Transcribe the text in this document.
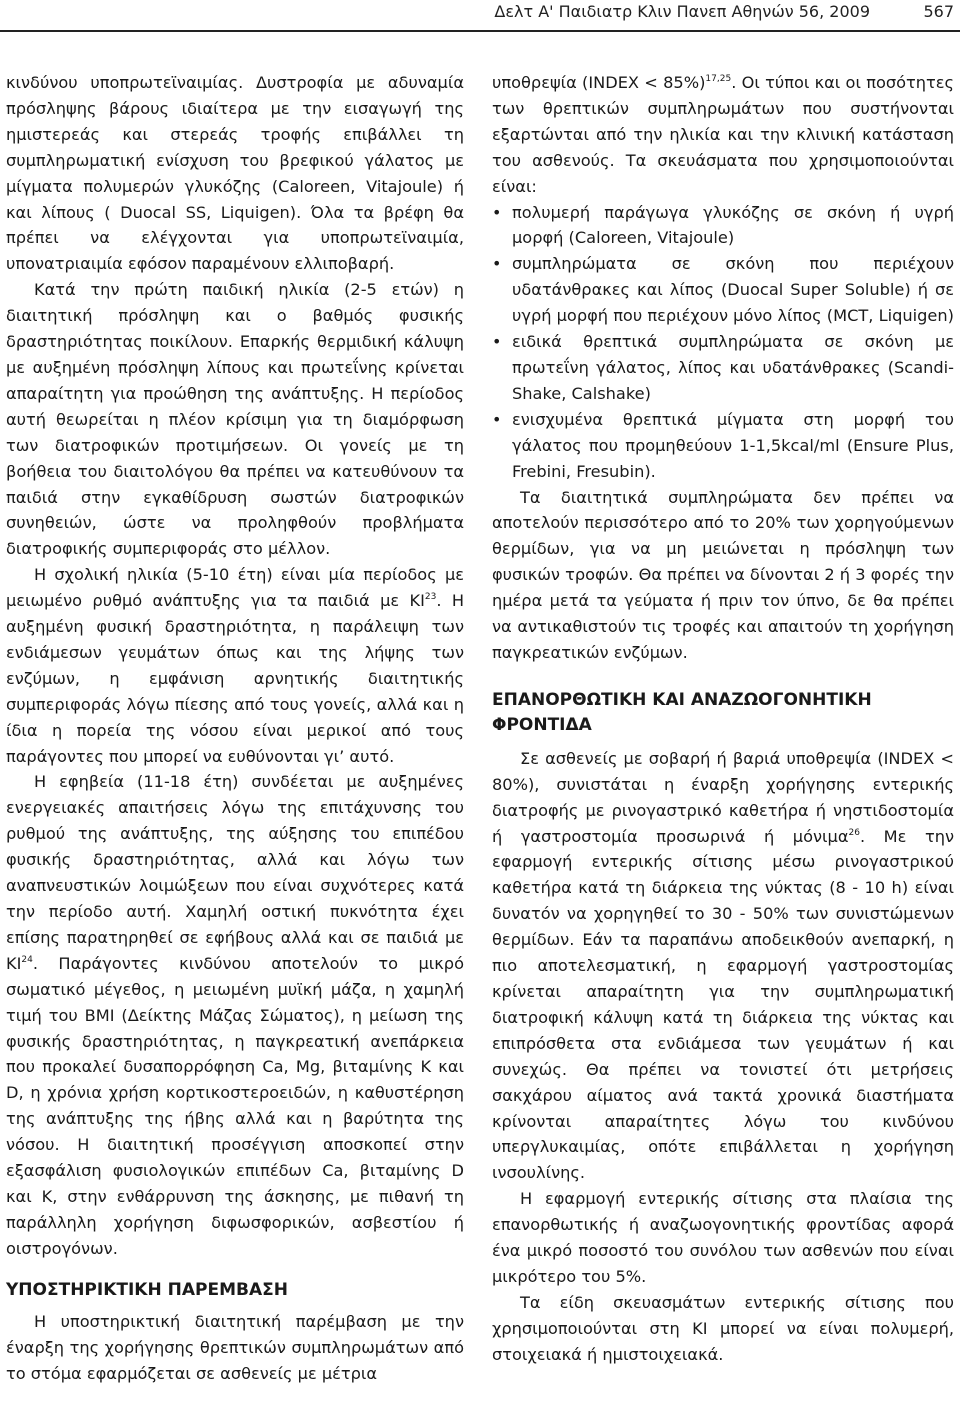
Δελτ Α' Παιδιατρ Κλιν Πανεπ Αθηνών 56, 2009	567

κινδύνου υποπρωτεϊναιμίας. Δυστροφία με αδυναμία πρόσληψης βάρους ιδιαίτερα με την εισαγωγή της ημιστερεάς και στερεάς τροφής επιβάλλει τη συμπληρωματική ενίσχυση του βρεφικού γάλατος με μίγματα πολυμερών γλυκόζης (Caloreen, Vitajoule) ή και λίπους ( Duocal SS, Liquigen). Όλα τα βρέφη θα πρέπει να ελέγχονται για υποπρωτεϊναιμία, υπονατριαιμία εφόσον παραμένουν ελλιποβαρή.

Κατά την πρώτη παιδική ηλικία (2-5 ετών) η διαιτητική πρόσληψη και ο βαθμός φυσικής δραστηριότητας ποικίλουν. Επαρκής θερμιδική κάλυψη με αυξημένη πρόσληψη λίπους και πρωτεΐνης κρίνεται απαραίτητη για προώθηση της ανάπτυξης. Η περίοδος αυτή θεωρείται η πλέον κρίσιμη για τη διαμόρφωση των διατροφικών προτιμήσεων. Οι γονείς με τη βοήθεια του διαιτολόγου θα πρέπει να κατευθύνουν τα παιδιά στην εγκαθίδρυση σωστών διατροφικών συνηθειών, ώστε να προληφθούν προβλήματα διατροφικής συμπεριφοράς στο μέλλον.

Η σχολική ηλικία (5-10 έτη) είναι μία περίοδος με μειωμένο ρυθμό ανάπτυξης για τα παιδιά με ΚΙ$^{23}$. Η αυξημένη φυσική δραστηριότητα, η παράλειψη των ενδιάμεσων γευμάτων όπως και της λήψης των ενζύμων, η εμφάνιση αρνητικής διαιτητικής συμπεριφοράς λόγω πίεσης από τους γονείς, αλλά και η ίδια η πορεία της νόσου είναι μερικοί από τους παράγοντες που μπορεί να ευθύνονται γι’ αυτό.

Η εφηβεία (11-18 έτη) συνδέεται με αυξημένες ενεργειακές απαιτήσεις λόγω της επιτάχυνσης του ρυθμού της ανάπτυξης, της αύξησης του επιπέδου φυσικής δραστηριότητας, αλλά και λόγω των αναπνευστικών λοιμώξεων που είναι συχνότερες κατά την περίοδο αυτή. Χαμηλή οστική πυκνότητα έχει επίσης παρατηρηθεί σε εφήβους αλλά και σε παιδιά με ΚΙ$^{24}$. Παράγοντες κινδύνου αποτελούν το μικρό σωματικό μέγεθος, η μειωμένη μυϊκή μάζα, η χαμηλή τιμή του ΒΜΙ (Δείκτης Μάζας Σώματος), η μείωση της φυσικής δραστηριότητας, η παγκρεατική ανεπάρκεια που προκαλεί δυσαπορρόφηση Ca, Mg, βιταμίνης Κ και D, η χρόνια χρήση κορτικοστεροειδών, η καθυστέρηση της ανάπτυξης της ήβης αλλά και η βαρύτητα της νόσου. Η διαιτητική προσέγγιση αποσκοπεί στην εξασφάλιση φυσιολογικών επιπέδων Ca, βιταμίνης D και K, στην ενθάρρυνση της άσκησης, με πιθανή τη παράλληλη χορήγηση διφωσφορικών, ασβεστίου ή οιστρογόνων.

ΥΠΟΣΤΗΡΙΚΤΙΚΗ ΠΑΡΕΜΒΑΣΗ

Η υποστηρικτική διαιτητική παρέμβαση με την έναρξη της χορήγησης θρεπτικών συμπληρωμάτων από το στόμα εφαρμόζεται σε ασθενείς με μέτρια

υποθρεψία (INDEX < 85%)$^{17,25}$. Οι τύποι και οι ποσότητες των θρεπτικών συμπληρωμάτων που συστήνονται εξαρτώνται από την ηλικία και την κλινική κατάσταση του ασθενούς. Τα σκευάσματα που χρησιμοποιούνται είναι:

• πολυμερή παράγωγα γλυκόζης σε σκόνη ή υγρή μορφή (Caloreen, Vitajoule)
• συμπληρώματα σε σκόνη που περιέχουν υδατάνθρακες και λίπος (Duocal Super Soluble) ή σε υγρή μορφή που περιέχουν μόνο λίπος (MCT, Liquigen)
• ειδικά θρεπτικά συμπληρώματα σε σκόνη με πρωτεΐνη γάλατος, λίπος και υδατάνθρακες (Scandi-Shake, Calshake)
• ενισχυμένα θρεπτικά μίγματα στη μορφή του γάλατος που προμηθεύουν 1-1,5kcal/ml (Ensure Plus, Frebini, Fresubin).

Τα διαιτητικά συμπληρώματα δεν πρέπει να αποτελούν περισσότερο από το 20% των χορηγούμενων θερμίδων, για να μη μειώνεται η πρόσληψη των φυσικών τροφών. Θα πρέπει να δίνονται 2 ή 3 φορές την ημέρα μετά τα γεύματα ή πριν τον ύπνο, δε θα πρέπει να αντικαθιστούν τις τροφές και απαιτούν τη χορήγηση παγκρεατικών ενζύμων.

ΕΠΑΝΟΡΘΩΤΙΚΗ ΚΑΙ ΑΝΑΖΩΟΓΟΝΗΤΙΚΗ ΦΡΟΝΤΙΔΑ

Σε ασθενείς με σοβαρή ή βαριά υποθρεψία (INDEX < 80%), συνιστάται η έναρξη χορήγησης εντερικής διατροφής με ρινογαστρικό καθετήρα ή νηστιδοστομία ή γαστροστομία προσωρινά ή μόνιμα$^{26}$. Με την εφαρμογή εντερικής σίτισης μέσω ρινογαστρικού καθετήρα κατά τη διάρκεια της νύκτας (8 - 10 h) είναι δυνατόν να χορηγηθεί το 30 - 50% των συνιστώμενων θερμίδων. Εάν τα παραπάνω αποδεικθούν ανεπαρκή, η πιο αποτελεσματική, η εφαρμογή γαστροστομίας κρίνεται απαραίτητη για την συμπληρωματική διατροφική κάλυψη κατά τη διάρκεια της νύκτας και επιπρόσθετα στα ενδιάμεσα των γευμάτων ή και συνεχώς. Θα πρέπει να τονιστεί ότι μετρήσεις σακχάρου αίματος ανά τακτά χρονικά διαστήματα κρίνονται απαραίτητες λόγω του κινδύνου υπεργλυκαιμίας, οπότε επιβάλλεται η χορήγηση ινσουλίνης.

Η εφαρμογή εντερικής σίτισης στα πλαίσια της επανορθωτικής ή αναζωογονητικής φροντίδας αφορά ένα μικρό ποσοστό του συνόλου των ασθενών που είναι μικρότερο του 5%.

Τα είδη σκευασμάτων εντερικής σίτισης που χρησιμοποιούνται στη ΚΙ μπορεί να είναι πολυμερή, στοιχειακά ή ημιστοιχειακά.
